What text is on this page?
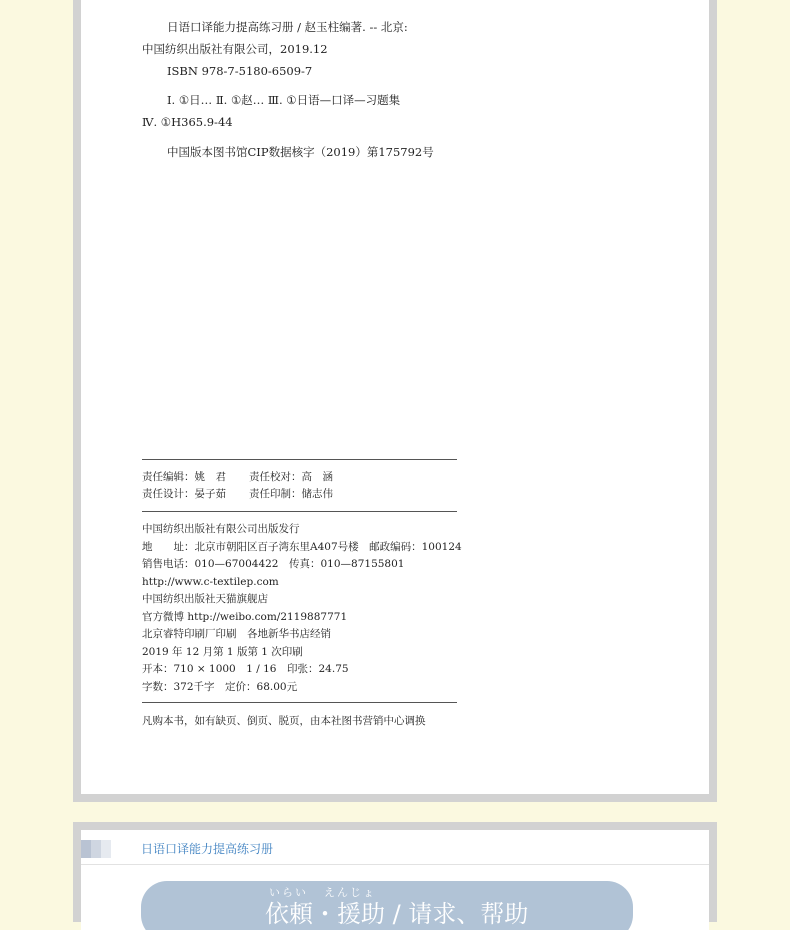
日语口译能力提高练习册 / 赵玉柱编著. -- 北京:
中国纺织出版社有限公司，2019.12
ISBN 978-7-5180-6509-7
Ⅰ. ①日… Ⅱ. ①赵… Ⅲ. ①日语—口译—习题集
Ⅳ. ①H365.9-44
中国版本图书馆CIP数据核字（2019）第175792号
责任编辑：姚　君 责任校对：高　涵
责任设计：晏子茹 责任印制：储志伟
中国纺织出版社有限公司出版发行
地　　址：北京市朝阳区百子湾东里A407号楼　邮政编码：100124
销售电话：010—67004422　传真：010—87155801
http://www.c-textilep.com
中国纺织出版社天猫旗舰店
官方微博 http://weibo.com/2119887771
北京睿特印刷厂印刷　各地新华书店经销
2019 年 12 月第 1 版第 1 次印刷
开本：710 × 1000　1 / 16　印张：24.75
字数：372千字　定价：68.00元
凡购本书，如有缺页、倒页、脱页，由本社图书营销中心调换
日语口译能力提高练习册
いらい えんじょ
依頼・援助 / 请求、帮助
